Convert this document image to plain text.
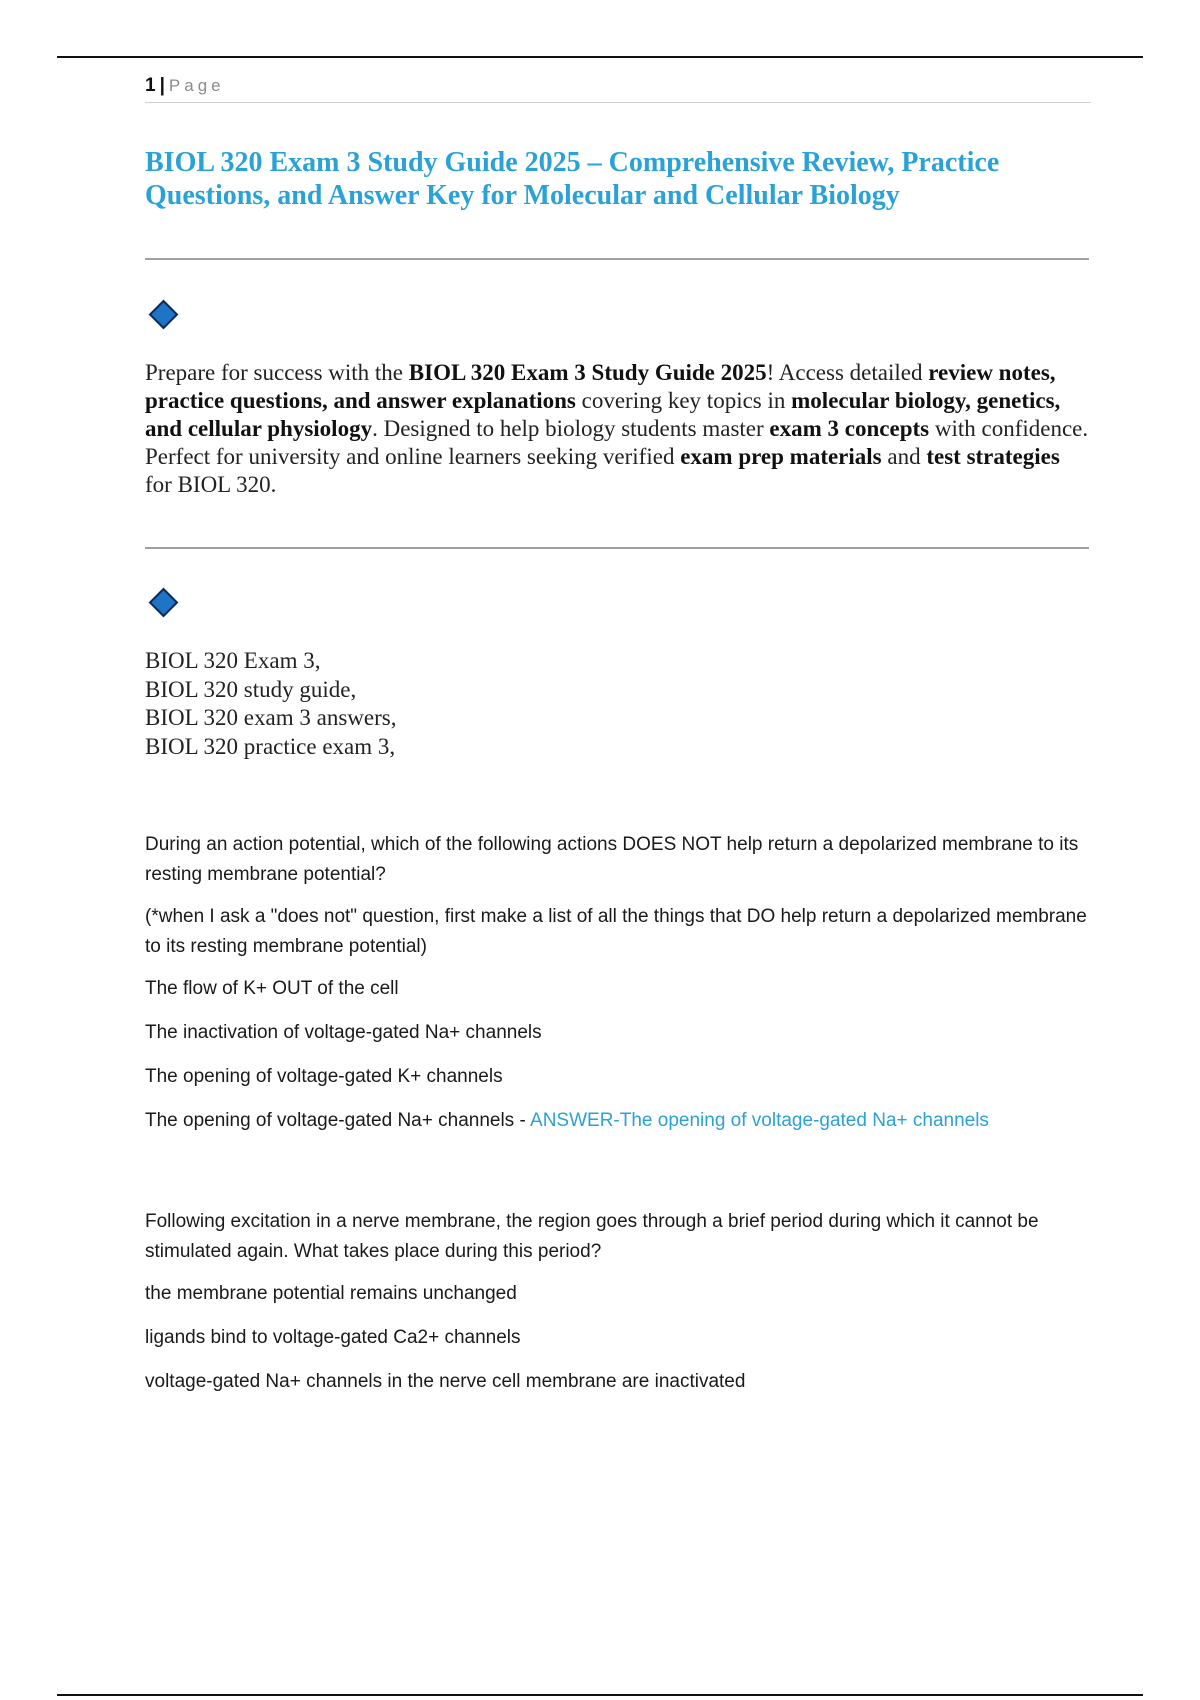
1 | Page
BIOL 320 Exam 3 Study Guide 2025 – Comprehensive Review, Practice Questions, and Answer Key for Molecular and Cellular Biology

Prepare for success with the BIOL 320 Exam 3 Study Guide 2025! Access detailed review notes, practice questions, and answer explanations covering key topics in molecular biology, genetics, and cellular physiology. Designed to help biology students master exam 3 concepts with confidence. Perfect for university and online learners seeking verified exam prep materials and test strategies for BIOL 320.

BIOL 320 Exam 3,
BIOL 320 study guide,
BIOL 320 exam 3 answers,
BIOL 320 practice exam 3,

During an action potential, which of the following actions DOES NOT help return a depolarized membrane to its resting membrane potential?

(*when I ask a "does not" question, first make a list of all the things that DO help return a depolarized membrane to its resting membrane potential)

The flow of K+ OUT of the cell

The inactivation of voltage-gated Na+ channels

The opening of voltage-gated K+ channels

The opening of voltage-gated Na+ channels - ANSWER-The opening of voltage-gated Na+ channels

Following excitation in a nerve membrane, the region goes through a brief period during which it cannot be stimulated again. What takes place during this period?

the membrane potential remains unchanged

ligands bind to voltage-gated Ca2+ channels

voltage-gated Na+ channels in the nerve cell membrane are inactivated
